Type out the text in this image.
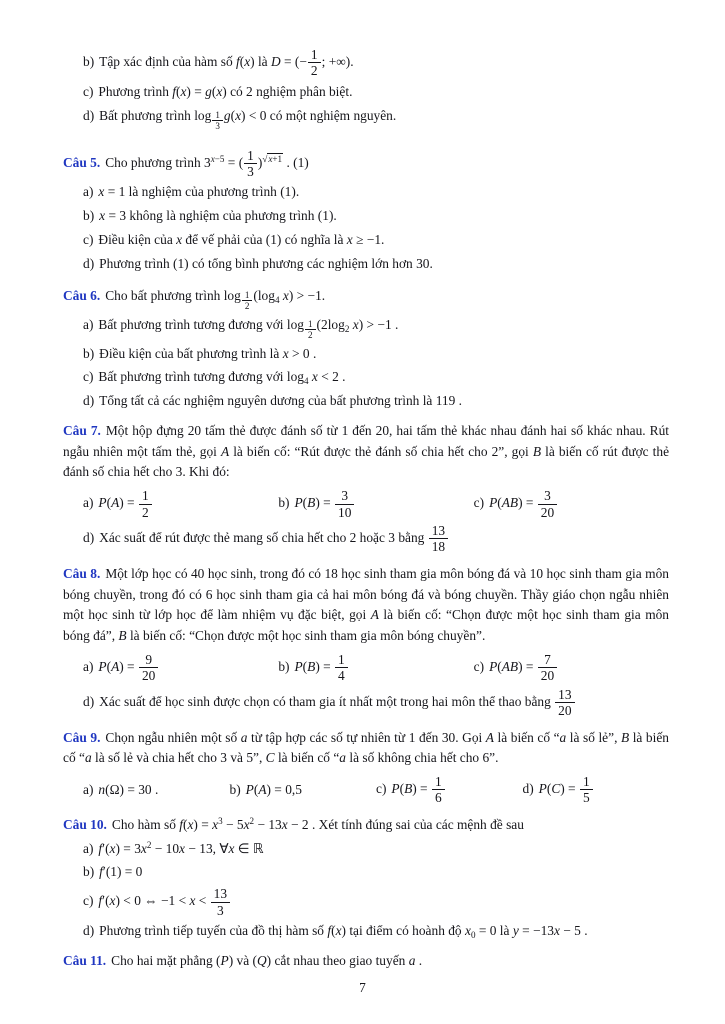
b) Tập xác định của hàm số f(x) là D = (− $\frac{1}{2}$ ; +∞).
c) Phương trình f(x) = g(x) có 2 nghiệm phân biệt.
d) Bất phương trình log $_{\frac{1}{3}}$ g(x) < 0 có một nghiệm nguyên.

Câu 5. Cho phương trình $3^{x-5}$ = ( $\frac{1}{3} )^{√x+1}$ . (1)

a) x = 1 là nghiệm của phương trình (1).
b) x = 3 không là nghiệm của phương trình (1).
c) Điều kiện của x để vế phải của (1) có nghĩa là x ≥ −1.
d) Phương trình (1) có tổng bình phương các nghiệm lớn hơn 30.

Câu 6. Cho bất phương trình log $_{\frac{1}{2}}$ ($\log_4$ x) > −1.

a) Bất phương trình tương đương với log $_{\frac{1}{2}}$ ($2\log_2$ x) > −1 .
b) Điều kiện của bất phương trình là x > 0 .
c) Bất phương trình tương đương với $\log_4 x < 2$ .
d) Tổng tất cả các nghiệm nguyên dương của bất phương trình là 119 .

Câu 7. Một hộp đựng 20 tấm thẻ được đánh số từ 1 đến 20, hai tấm thẻ khác nhau đánh hai số khác nhau. Rút ngẫu nhiên một tấm thẻ, gọi A là biến cố: “Rút được thẻ đánh số chia hết cho 2”, gọi B là biến cố rút được thẻ đánh số chia hết cho 3. Khi đó:

a) $P(A) = \frac{1}{2}$	b) $P(B) = \frac{3}{10}$	c) $P(AB) = \frac{3}{20}$
d) Xác suất để rút được thẻ mang số chia hết cho 2 hoặc 3 bằng $\frac{13}{18}$

Câu 8. Một lớp học có 40 học sinh, trong đó có 18 học sinh tham gia môn bóng đá và 10 học sinh tham gia môn bóng chuyền, trong đó có 6 học sinh tham gia cả hai môn bóng đá và bóng chuyền. Thầy giáo chọn ngẫu nhiên một học sinh từ lớp học để làm nhiệm vụ đặc biệt, gọi A là biến cố: “Chọn được một học sinh tham gia môn bóng đá”, B là biến cố: “Chọn được một học sinh tham gia môn bóng chuyền”.

a) $P(A) = \frac{9}{20}$	b) $P(B) = \frac{1}{4}$	c) $P(AB) = \frac{7}{20}$
d) Xác suất để học sinh được chọn có tham gia ít nhất một trong hai môn thể thao bằng $\frac{13}{20}$

Câu 9. Chọn ngẫu nhiên một số a từ tập hợp các số tự nhiên từ 1 đến 30. Gọi A là biến cố “a là số lẻ”, B là biến cố “a là số lẻ và chia hết cho 3 và 5”, C là biến cố “a là số không chia hết cho 6”.

a) n(Ω) = 30 .	b) P(A) = 0,5	c) $P(B) = \frac{1}{6}$	d) $P(C) = \frac{1}{5}$

Câu 10. Cho hàm số $f(x) = x^3 - 5x^2 - 13x - 2$ . Xét tính đúng sai của các mệnh đề sau

a) $f'(x) = 3x^2 - 10x - 13$, ∀x ∈ ℝ
b) f′(1) = 0
c) f′(x) < 0 ⇔ $-1 < x < \frac{13}{3}$
d) Phương trình tiếp tuyến của đồ thị hàm số f(x) tại điểm có hoành độ $x_0 = 0$ là y = −13x − 5 .

Câu 11. Cho hai mặt phẳng (P) và (Q) cắt nhau theo giao tuyến a .

7
